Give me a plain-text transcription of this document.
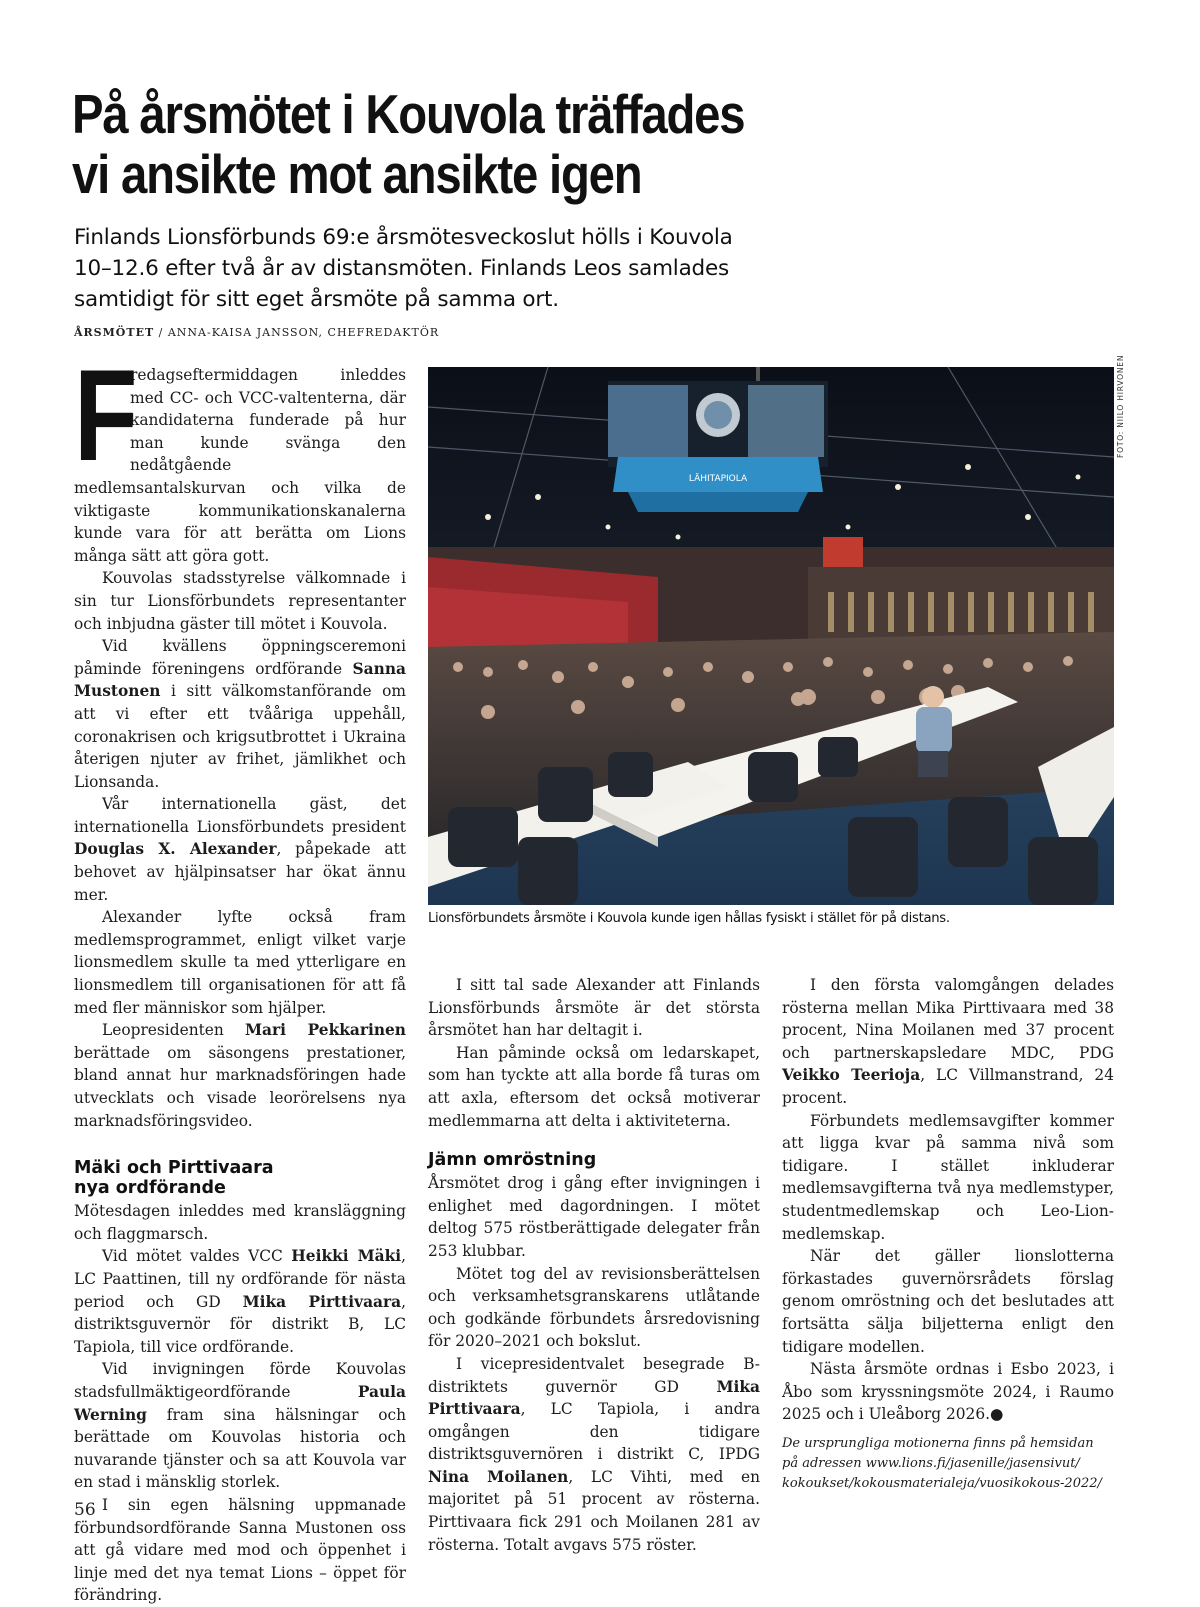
På årsmötet i Kouvola träffades
vi ansikte mot ansikte igen
Finlands Lionsförbunds 69:e årsmötesveckoslut hölls i Kouvola
10–12.6 efter två år av distansmöten. Finlands Leos samlades
samtidigt för sitt eget årsmöte på samma ort.
ÅRSMÖTET / ANNA-KAISA JANSSON, CHEFREDAKTÖR
F

redagseftermiddagen inleddes med CC- och VCC-valtenterna, där kandidaterna funderade på hur man kunde svänga den nedåtgående medlemsantalskurvan och vilka de viktigaste kommunikationskanalerna kunde vara för att berätta om Lions många sätt att göra gott.

Kouvolas stadsstyrelse välkomnade i sin tur Lionsförbundets representanter och inbjudna gäster till mötet i Kouvola.

Vid kvällens öppningsceremoni påminde föreningens ordförande Sanna Mustonen i sitt välkomstanförande om att vi efter ett tvååriga uppehåll, coronakrisen och krigsutbrottet i Ukraina återigen njuter av frihet, jämlikhet och Lionsanda.

Vår internationella gäst, det internationella Lionsförbundets president Douglas X. Alexander, påpekade att behovet av hjälpinsatser har ökat ännu mer.

Alexander lyfte också fram medlemsprogrammet, enligt vilket varje lionsmedlem skulle ta med ytterligare en lionsmedlem till organisationen för att få med fler människor som hjälper.

Leopresidenten Mari Pekkarinen berättade om säsongens prestationer, bland annat hur marknadsföringen hade utvecklats och visade leorörelsens nya marknadsföringsvideo.

Mäki och Pirttivaara
nya ordförande

Mötesdagen inleddes med kransläggning och flaggmarsch.

Vid mötet valdes VCC Heikki Mäki, LC Paattinen, till ny ordförande för nästa period och GD Mika Pirttivaara, distriktsguvernör för distrikt B, LC Tapiola, till vice ordförande.

Vid invigningen förde Kouvolas stadsfullmäktigeordförande Paula Werning fram sina hälsningar och berättade om Kouvolas historia och nuvarande tjänster och sa att Kouvola var en stad i mänsklig storlek.

I sin egen hälsning uppmanade förbundsordförande Sanna Mustonen oss att gå vidare med mod och öppenhet i linje med det nya temat Lions – öppet för förändring.

LÄHITAPIOLA
FOTO: NIILO HIRVONEN
Lionsförbundets årsmöte i Kouvola kunde igen hållas fysiskt i stället för på distans.

I sitt tal sade Alexander att Finlands Lionsförbunds årsmöte är det största årsmötet han har deltagit i.

Han påminde också om ledarskapet, som han tyckte att alla borde få turas om att axla, eftersom det också motiverar medlemmarna att delta i aktiviteterna.

Jämn omröstning

Årsmötet drog i gång efter invigningen i enlighet med dagordningen. I mötet deltog 575 röstberättigade delegater från 253 klubbar.

Mötet tog del av revisionsberättelsen och verksamhetsgranskarens utlåtande och godkände förbundets årsredovisning för 2020–2021 och bokslut.

I vicepresidentvalet besegrade B-distriktets guvernör GD Mika Pirttivaara, LC Tapiola, i andra omgången den tidigare distriktsguvernören i distrikt C, IPDG Nina Moilanen, LC Vihti, med en majoritet på 51 procent av rösterna. Pirttivaara fick 291 och Moilanen 281 av rösterna. Totalt avgavs 575 röster.

I den första valomgången delades rösterna mellan Mika Pirttivaara med 38 procent, Nina Moilanen med 37 procent och partnerskapsledare MDC, PDG Veikko Teerioja, LC Villmanstrand, 24 procent.

Förbundets medlemsavgifter kommer att ligga kvar på samma nivå som tidigare. I stället inkluderar medlemsavgifterna två nya medlemstyper, studentmedlemskap och Leo-Lion-medlemskap.

När det gäller lionslotterna förkastades guvernörsrådets förslag genom omröstning och det beslutades att fortsätta sälja biljetterna enligt den tidigare modellen.

Nästa årsmöte ordnas i Esbo 2023, i Åbo som kryssningsmöte 2024, i Raumo 2025 och i Uleåborg 2026.●

De ursprungliga motionerna finns på hemsidan
på adressen www.lions.fi/jasenille/jasensivut/
kokoukset/kokousmaterialeja/vuosikokous-2022/
56
